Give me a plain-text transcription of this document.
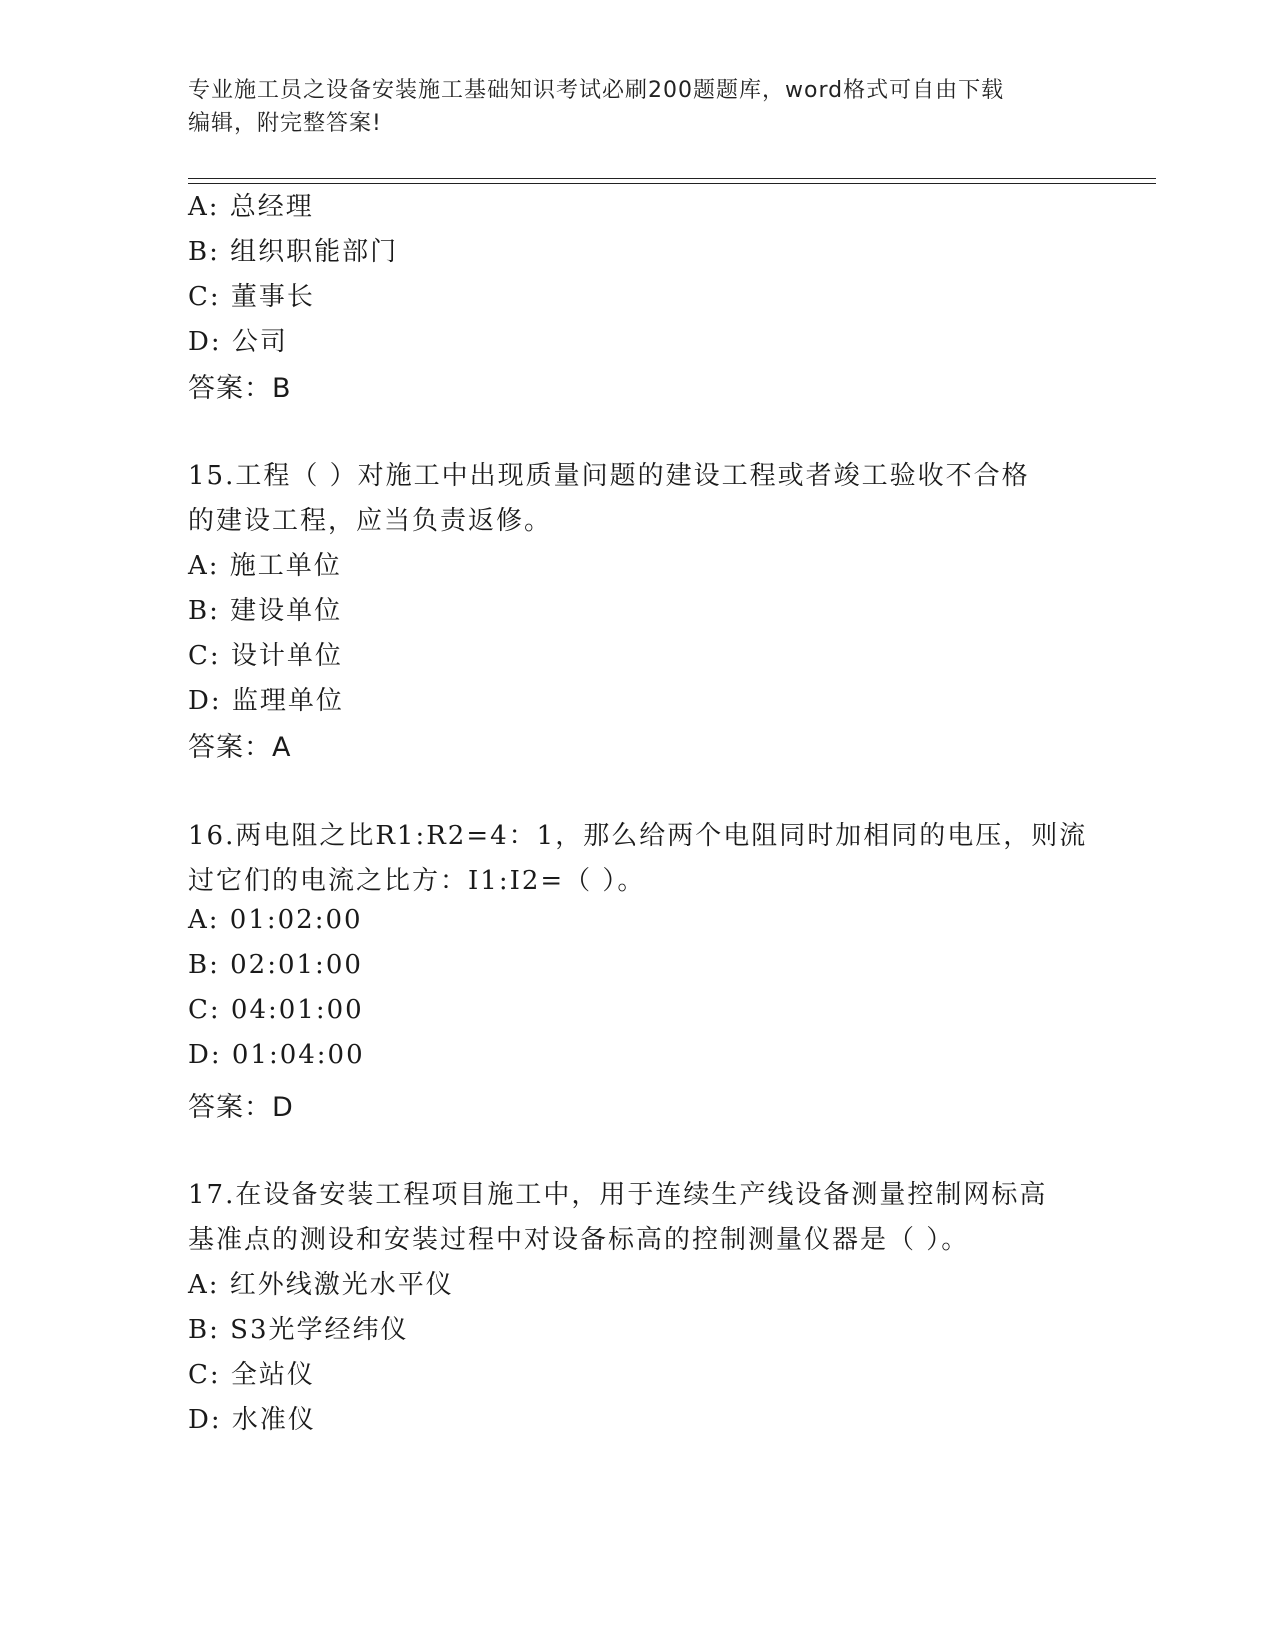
专业施工员之设备安装施工基础知识考试必刷200题题库，word格式可自由下载
编辑，附完整答案!
A: 总经理
B: 组织职能部门
C: 董事长
D: 公司
答案：B
15.工程（ ）对施工中出现质量问题的建设工程或者竣工验收不合格
的建设工程，应当负责返修。
A: 施工单位
B: 建设单位
C: 设计单位
D: 监理单位
答案：A
16.两电阻之比R1:R2=4：1，那么给两个电阻同时加相同的电压，则流
过它们的电流之比方：I1:I2=（ ）。
A: 01:02:00
B: 02:01:00
C: 04:01:00
D: 01:04:00
答案：D
17.在设备安装工程项目施工中，用于连续生产线设备测量控制网标高
基准点的测设和安装过程中对设备标高的控制测量仪器是（ ）。
A: 红外线激光水平仪
B: S3光学经纬仪
C: 全站仪
D: 水准仪
